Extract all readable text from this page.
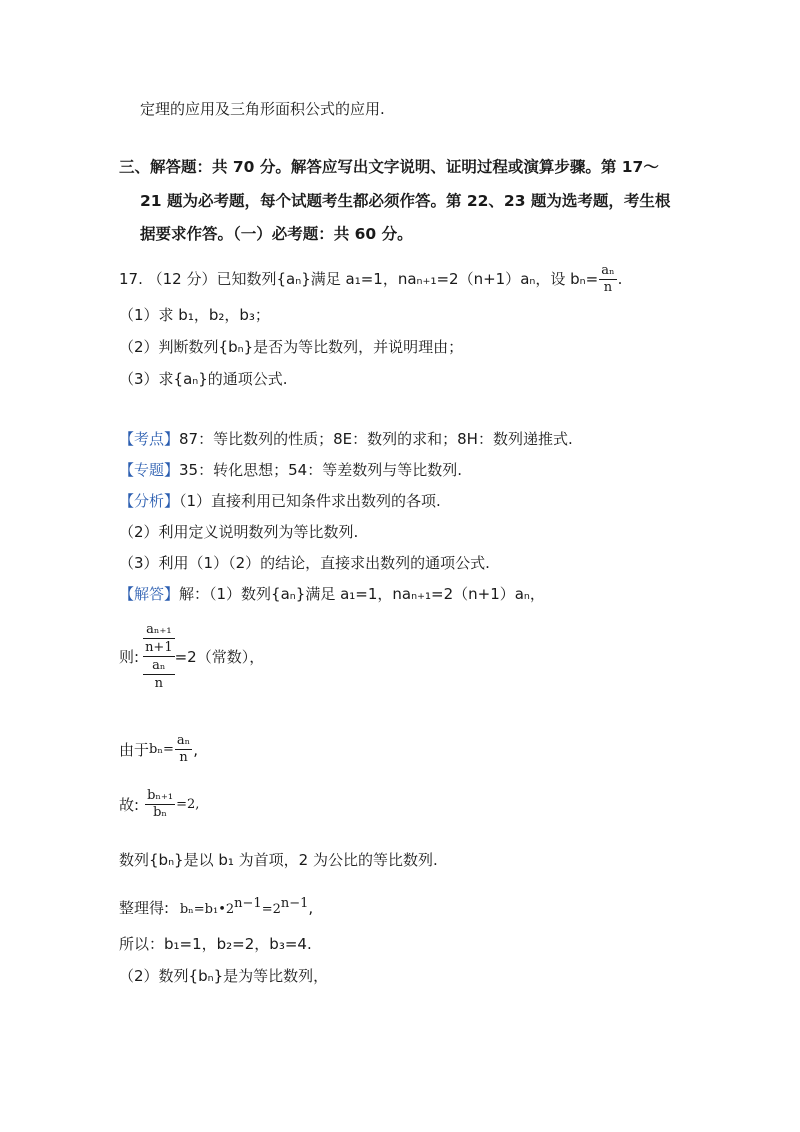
定理的应用及三角形面积公式的应用.
三、解答题：共 70 分。解答应写出文字说明、证明过程或演算步骤。第 17～
21 题为必考题，每个试题考生都必须作答。第 22、23 题为选考题，考生根
据要求作答。（一）必考题：共 60 分。
17. （12 分）已知数列{aₙ}满足 a₁=1，naₙ₊₁=2（n+1）aₙ，设 $b_n= \frac{\text{aₙ}}{n}$ .
（1）求 b₁，b₂，b₃；
（2）判断数列{bₙ}是否为等比数列，并说明理由；
（3）求{aₙ}的通项公式.
【考点】87：等比数列的性质；8E：数列的求和；8H：数列递推式.
【专题】35：转化思想；54：等差数列与等比数列.
【分析】（1）直接利用已知条件求出数列的各项.
（2）利用定义说明数列为等比数列.
（3）利用（1）（2）的结论，直接求出数列的通项公式.
【解答】解：（1）数列{aₙ}满足 a₁=1，naₙ₊₁=2（n+1）aₙ，
则:
aₙ₊₁
n+1
aₙ
n
=2（常数），
由于 $b_n= \frac{\text{aₙ}}{n}$ ,
故: $\frac{\text{bₙ₊₁}}{\text{bₙ}} =2$,
数列{bₙ}是以 b₁ 为首项，2 为公比的等比数列.
整理得: bₙ=b₁•2n−1=2n−1,
所以：b₁=1，b₂=2，b₃=4.
（2）数列{bₙ}是为等比数列，
